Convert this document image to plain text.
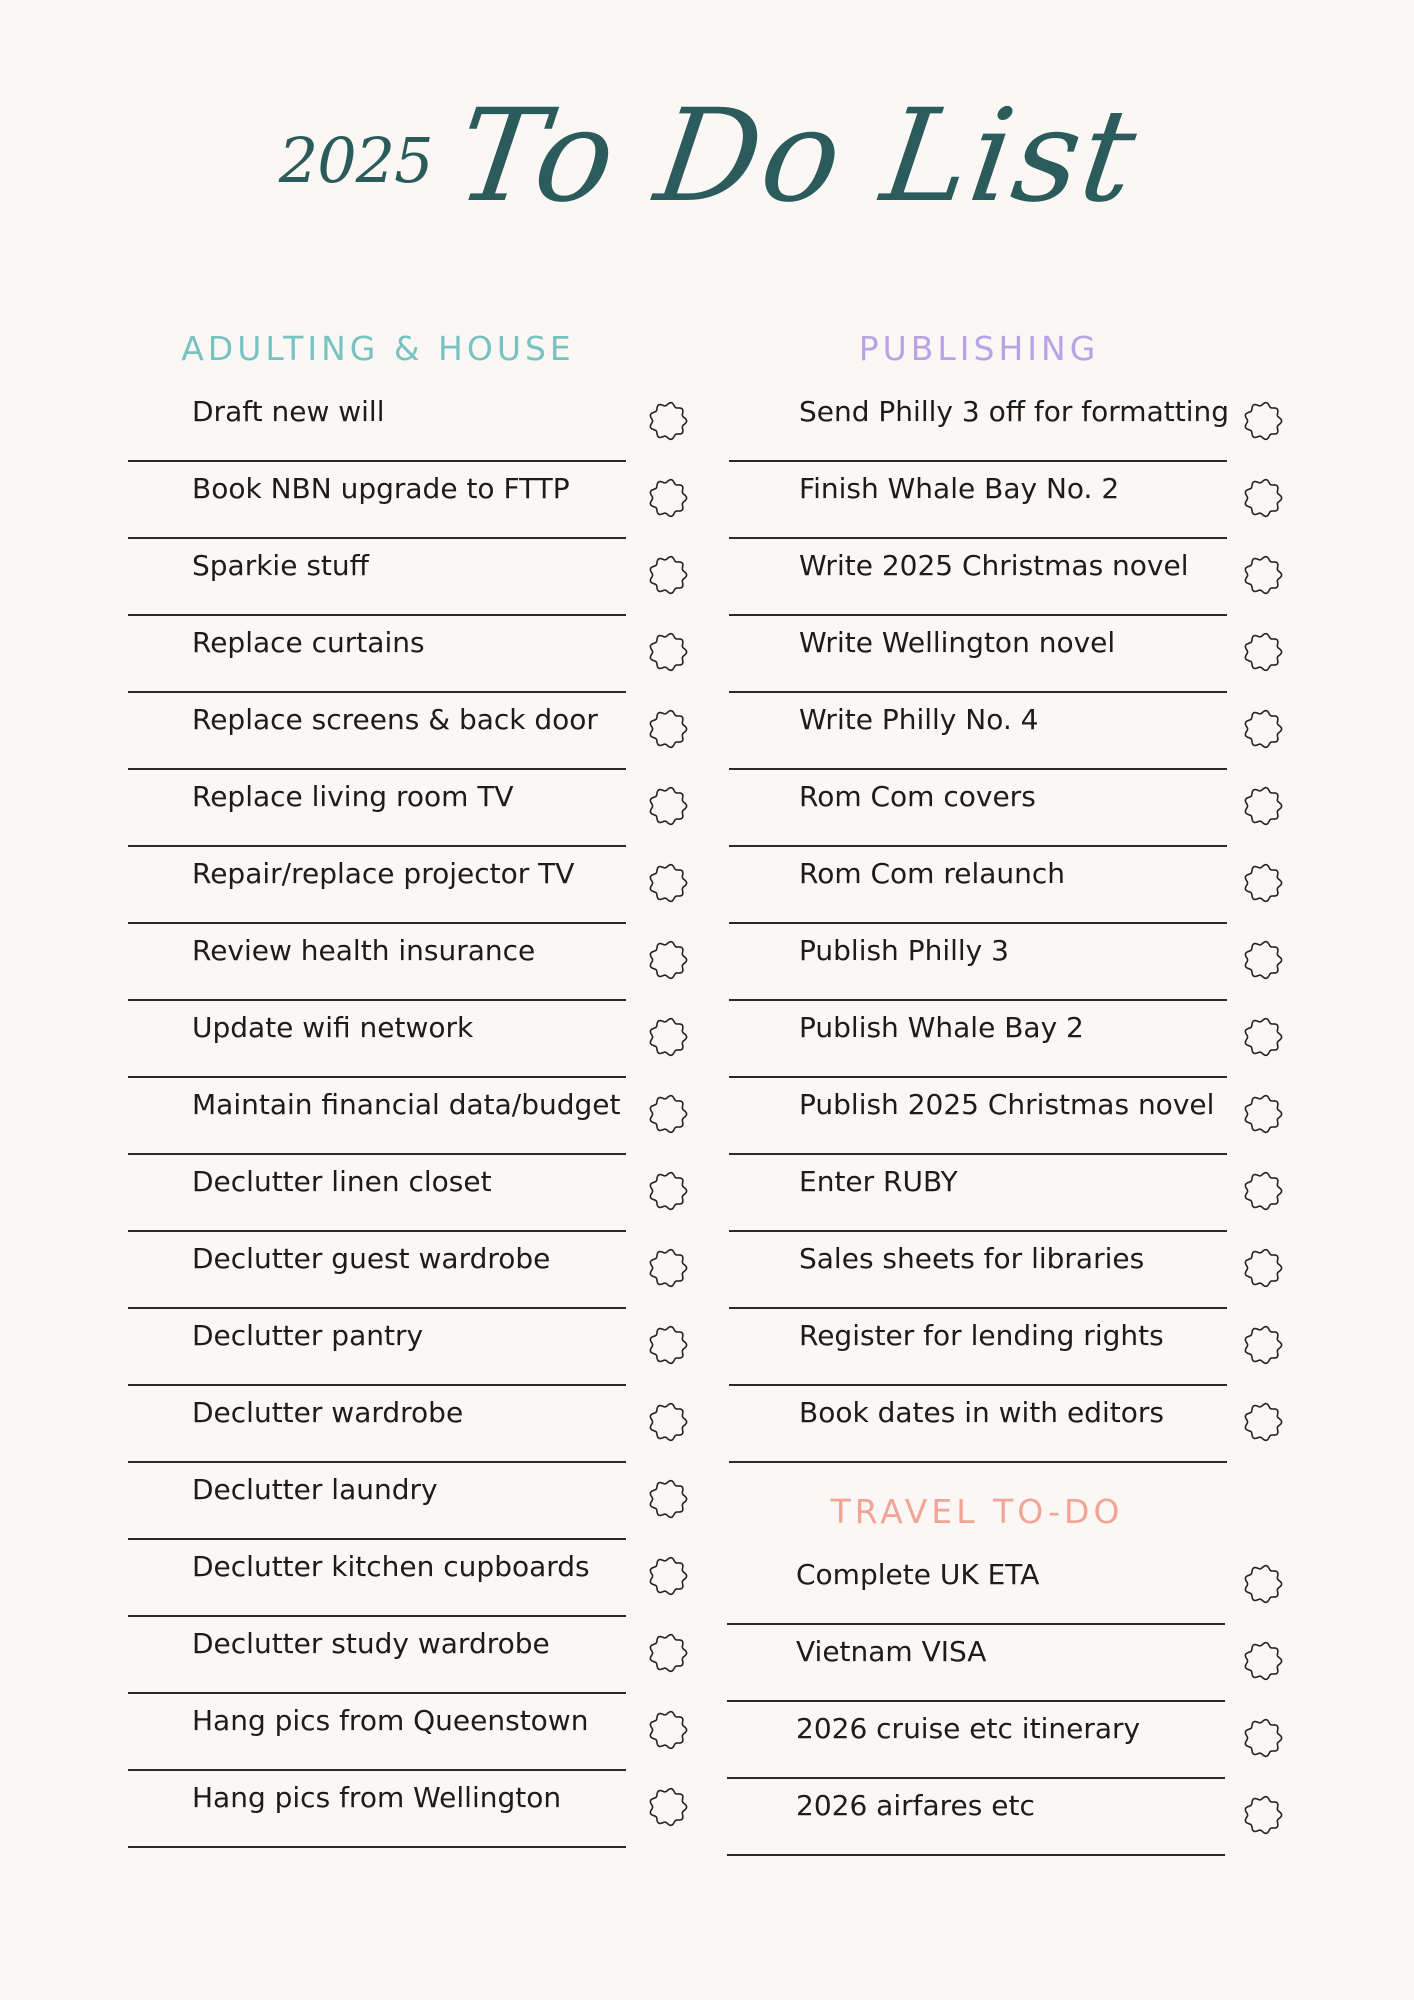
2025 To Do List
ADULTING & HOUSE
Draft new will
Book NBN upgrade to FTTP
Sparkie stuff
Replace curtains
Replace screens & back door
Replace living room TV
Repair/replace projector TV
Review health insurance
Update wifi network
Maintain financial data/budget
Declutter linen closet
Declutter guest wardrobe
Declutter pantry
Declutter wardrobe
Declutter laundry
Declutter kitchen cupboards
Declutter study wardrobe
Hang pics from Queenstown
Hang pics from Wellington
PUBLISHING
Send Philly 3 off for formatting
Finish Whale Bay No. 2
Write 2025 Christmas novel
Write Wellington novel
Write Philly No. 4
Rom Com covers
Rom Com relaunch
Publish Philly 3
Publish Whale Bay 2
Publish 2025 Christmas novel
Enter RUBY
Sales sheets for libraries
Register for lending rights
Book dates in with editors
TRAVEL TO-DO
Complete UK ETA
Vietnam VISA
2026 cruise etc itinerary
2026 airfares etc
